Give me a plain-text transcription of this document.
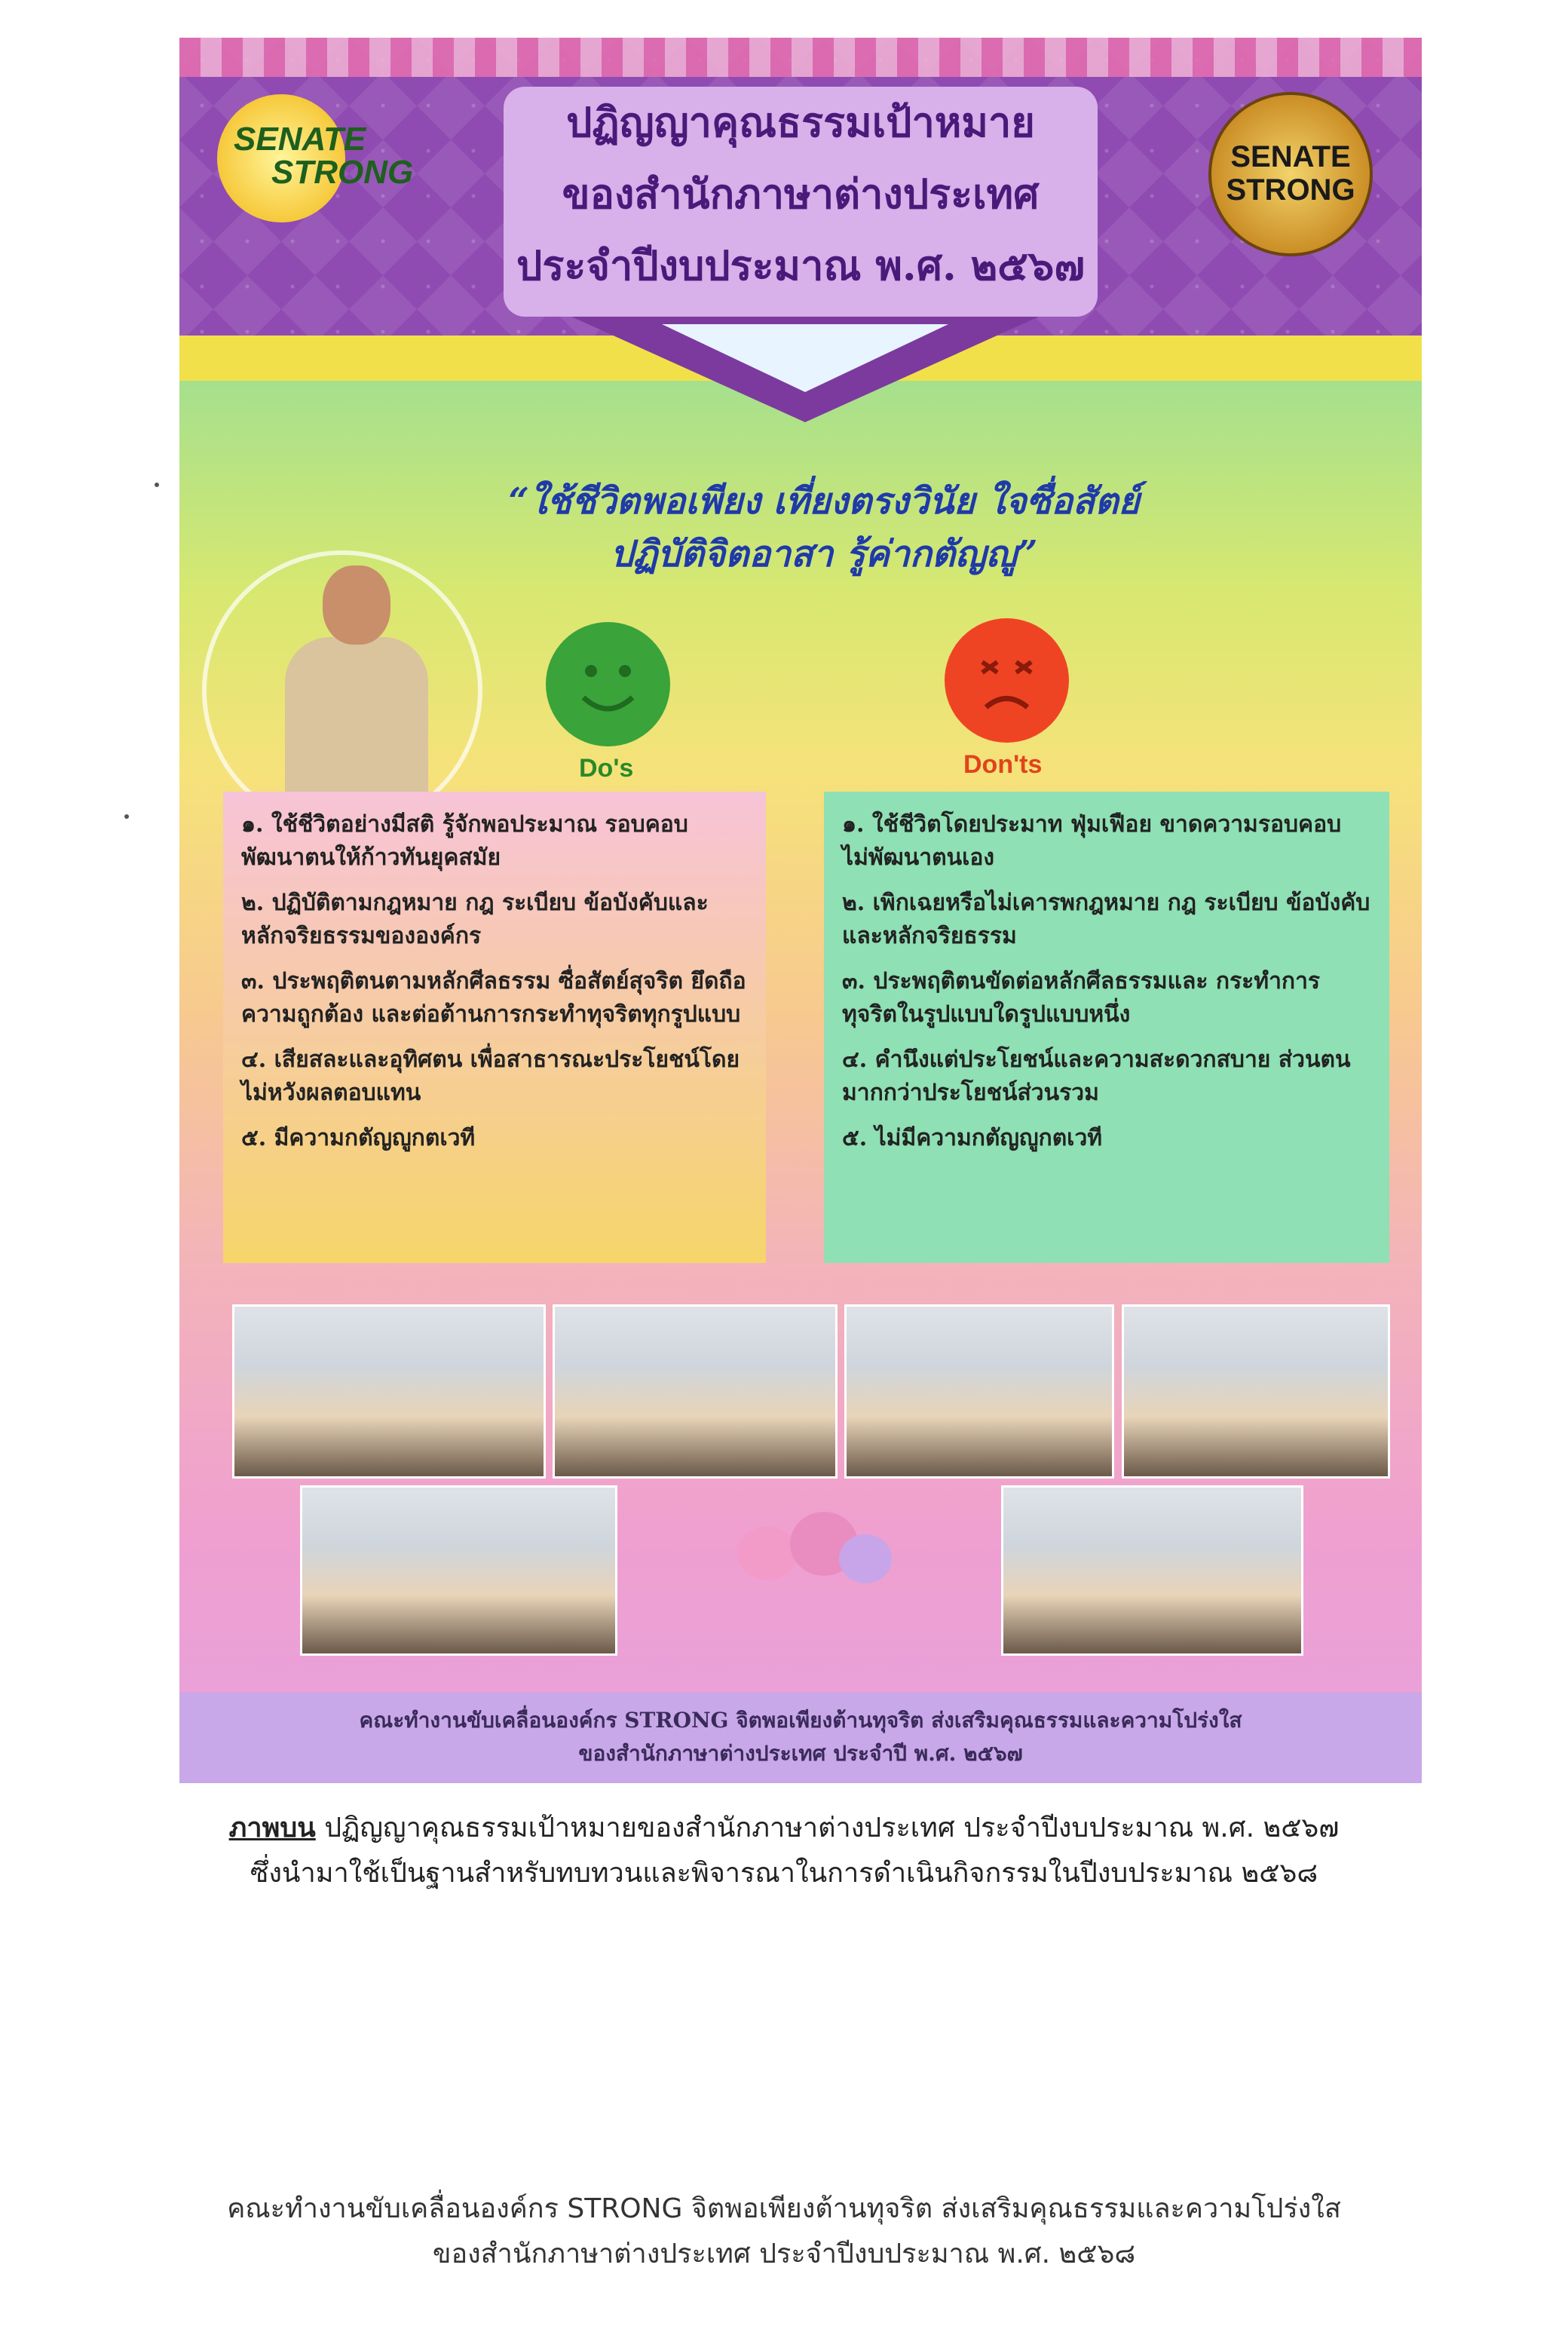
SENATE
STRONG
ปฏิญญาคุณธรรมเป้าหมาย
ของสำนักภาษาต่างประเทศ
ประจำปีงบประมาณ พ.ศ. ๒๕๖๗
SENATE
STRONG
“ใช้ชีวิตพอเพียง เที่ยงตรงวินัย ใจซื่อสัตย์
ปฏิบัติจิตอาสา รู้ค่ากตัญญู”
Do's	Don'ts
๑. ใช้ชีวิตอย่างมีสติ รู้จักพอประมาณ รอบคอบ พัฒนาตนให้ก้าวทันยุคสมัย
๒. ปฏิบัติตามกฎหมาย กฎ ระเบียบ ข้อบังคับและหลักจริยธรรมขององค์กร
๓. ประพฤติตนตามหลักศีลธรรม ซื่อสัตย์สุจริต ยึดถือความถูกต้อง และต่อต้านการกระทำทุจริตทุกรูปแบบ
๔. เสียสละและอุทิศตน เพื่อสาธารณะประโยชน์โดยไม่หวังผลตอบแทน
๕. มีความกตัญญูกตเวที
๑. ใช้ชีวิตโดยประมาท ฟุ่มเฟือย ขาดความรอบคอบ ไม่พัฒนาตนเอง
๒. เพิกเฉยหรือไม่เคารพกฎหมาย กฎ ระเบียบ ข้อบังคับและหลักจริยธรรม
๓. ประพฤติตนขัดต่อหลักศีลธรรมและ กระทำการทุจริตในรูปแบบใดรูปแบบหนึ่ง
๔. คำนึงแต่ประโยชน์และความสะดวกสบาย ส่วนตนมากกว่าประโยชน์ส่วนรวม
๕. ไม่มีความกตัญญูกตเวที
คณะทำงานขับเคลื่อนองค์กร STRONG จิตพอเพียงต้านทุจริต ส่งเสริมคุณธรรมและความโปร่งใส
ของสำนักภาษาต่างประเทศ ประจำปี พ.ศ. ๒๕๖๗
ภาพบน ปฏิญญาคุณธรรมเป้าหมายของสำนักภาษาต่างประเทศ ประจำปีงบประมาณ พ.ศ. ๒๕๖๗
ซึ่งนำมาใช้เป็นฐานสำหรับทบทวนและพิจารณาในการดำเนินกิจกรรมในปีงบประมาณ ๒๕๖๘
คณะทำงานขับเคลื่อนองค์กร STRONG จิตพอเพียงต้านทุจริต ส่งเสริมคุณธรรมและความโปร่งใส
ของสำนักภาษาต่างประเทศ ประจำปีงบประมาณ พ.ศ. ๒๕๖๘
